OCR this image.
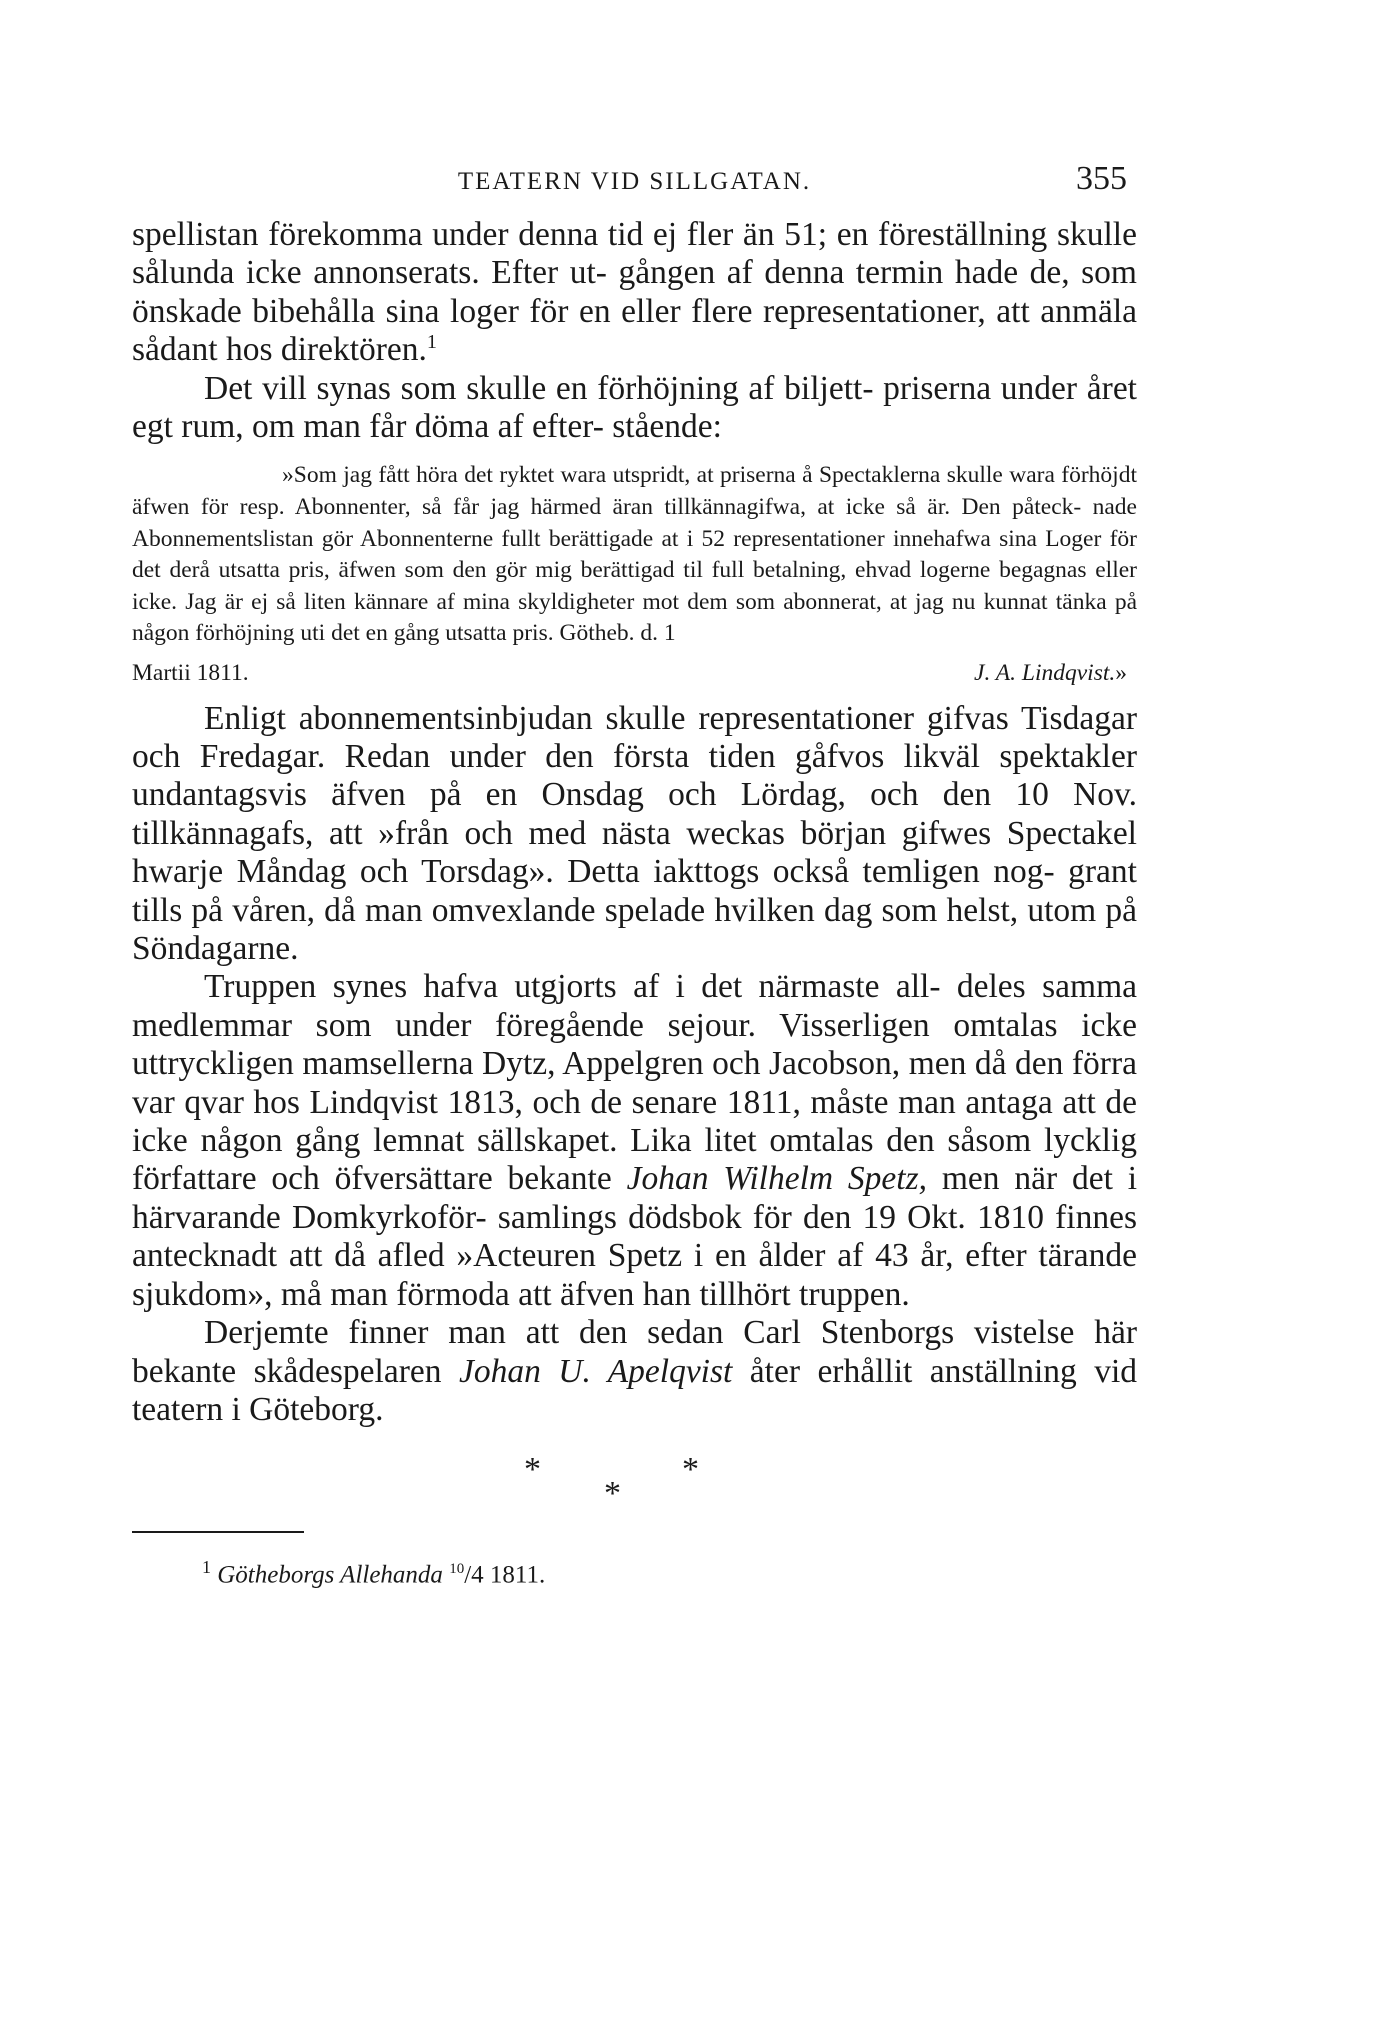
TEATERN VID SILLGATAN.	355

spellistan förekomma under denna tid ej fler än 51; en föreställning skulle sålunda icke annonserats. Efter ut- gången af denna termin hade de, som önskade bibehålla sina loger för en eller flere representationer, att anmäla sådant hos direktören.$^1$

Det vill synas som skulle en förhöjning af biljett- priserna under året egt rum, om man får döma af efter- stående:

»Som jag fått höra det ryktet wara utspridt, at priserna å Spectaklerna skulle wara förhöjdt äfwen för resp. Abonnenter, så får jag härmed äran tillkännagifwa, at icke så är. Den påteck- nade Abonnementslistan gör Abonnenterne fullt berättigade at i 52 representationer innehafwa sina Loger för det derå utsatta pris, äfwen som den gör mig berättigad til full betalning, ehvad logerne begagnas eller icke. Jag är ej så liten kännare af mina skyldigheter mot dem som abonnerat, at jag nu kunnat tänka på någon förhöjning uti det en gång utsatta pris. Götheb. d. 1

Martii 1811.	J. A. Lindqvist.»

Enligt abonnementsinbjudan skulle representationer gifvas Tisdagar och Fredagar. Redan under den första tiden gåfvos likväl spektakler undantagsvis äfven på en Onsdag och Lördag, och den 10 Nov. tillkännagafs, att »från och med nästa weckas början gifwes Spectakel hwarje Måndag och Torsdag». Detta iakttogs också temligen nog- grant tills på våren, då man omvexlande spelade hvilken dag som helst, utom på Söndagarne.

Truppen synes hafva utgjorts af i det närmaste all- deles samma medlemmar som under föregående sejour. Visserligen omtalas icke uttryckligen mamsellerna Dytz, Appelgren och Jacobson, men då den förra var qvar hos Lindqvist 1813, och de senare 1811, måste man antaga att de icke någon gång lemnat sällskapet. Lika litet omtalas den såsom lycklig författare och öfversättare bekante Johan Wilhelm Spetz, men när det i härvarande Domkyrkoför- samlings dödsbok för den 19 Okt. 1810 finnes antecknadt att då afled »Acteuren Spetz i en ålder af 43 år, efter tärande sjukdom», må man förmoda att äfven han tillhört truppen.

Derjemte finner man att den sedan Carl Stenborgs vistelse här bekante skådespelaren Johan U. Apelqvist åter erhållit anställning vid teatern i Göteborg.

*
*
*
$^1$ Götheborgs Allehanda $^{10}$/4 1811.
